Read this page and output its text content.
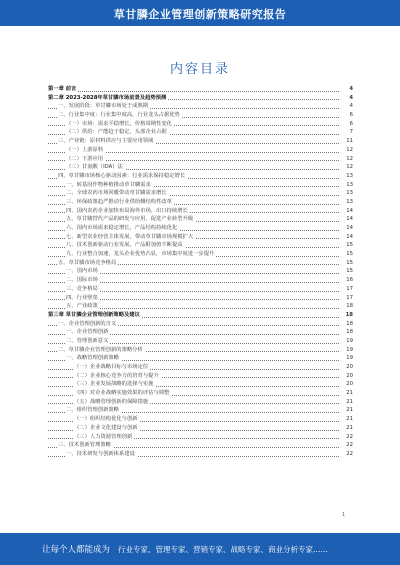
草甘膦企业管理创新策略研究报告
内容目录
第一章 前言	4
第二章 2023-2028年草甘膦市场前景及趋势预测	4
一、发展阶段：草甘膦市场处于成熟期	4
二、行业集中度：行业集中度高，行业龙头占据优势	6
（一）市场：需求平稳增长，价格周期性变化	6
（二）供给：产能趋于稳定，头部企业占据	7
三、产业链：原材料供应与主要应用领域	11
（一）上游原料	12
（二）下游应用	12
（三）甘氨酸（IDA）法	12
四、草甘膦市场核心驱动因素：行业需求保持稳定增长	13
一、转基因作物种植推动草甘膦需求	13
二、全球农药市场回暖带动草甘膦需求增长	13
三、环保政策趋严推动行业供给侧结构性改革	13
四、国内农药企业加快布局海外市场，出口持续增长	14
五、草甘膦替代产品的研发与应用，促进产业转型升级	14
六、国内市场需求稳定增长，产品结构持续优化	14
七、新型农业经营主体发展，带动草甘膦市场规模扩大	14
八、技术创新驱动行业发展，产品附加值不断提高	15
九、行业整合加速，龙头企业优势凸显，市场集中度进一步提升	15
五、草甘膦市场竞争格局	15
一、国内市场	15
二、国际市场	16
三、竞争格局	17
四、行业壁垒	17
五、产业政策	18
第三章 草甘膦企业管理创新策略及建议	18
一、企业管理创新的含义	18
一、企业管理创新	18
二、管理创新意义	19
二、草甘膦企业管理创新的策略分析	19
一、战略管理创新策略	19
（一）企业战略目标与市场定位	20
（二）企业核心竞争力的培育与提升	20
（三）企业发展战略的选择与实施	20
（四）对企业战略实施效果的评估与调整	21
（五）战略管理创新的保障措施	21
二、组织管理创新策略	21
（一）组织结构优化与创新	21
（二）企业文化建设与创新	21
（三）人力资源管理创新	22
三、技术创新管理策略	22
一、技术研发与创新体系建设	22
1
让每个人都能成为 行业专家、管理专家、营销专家、战略专家、商业分析专家……
